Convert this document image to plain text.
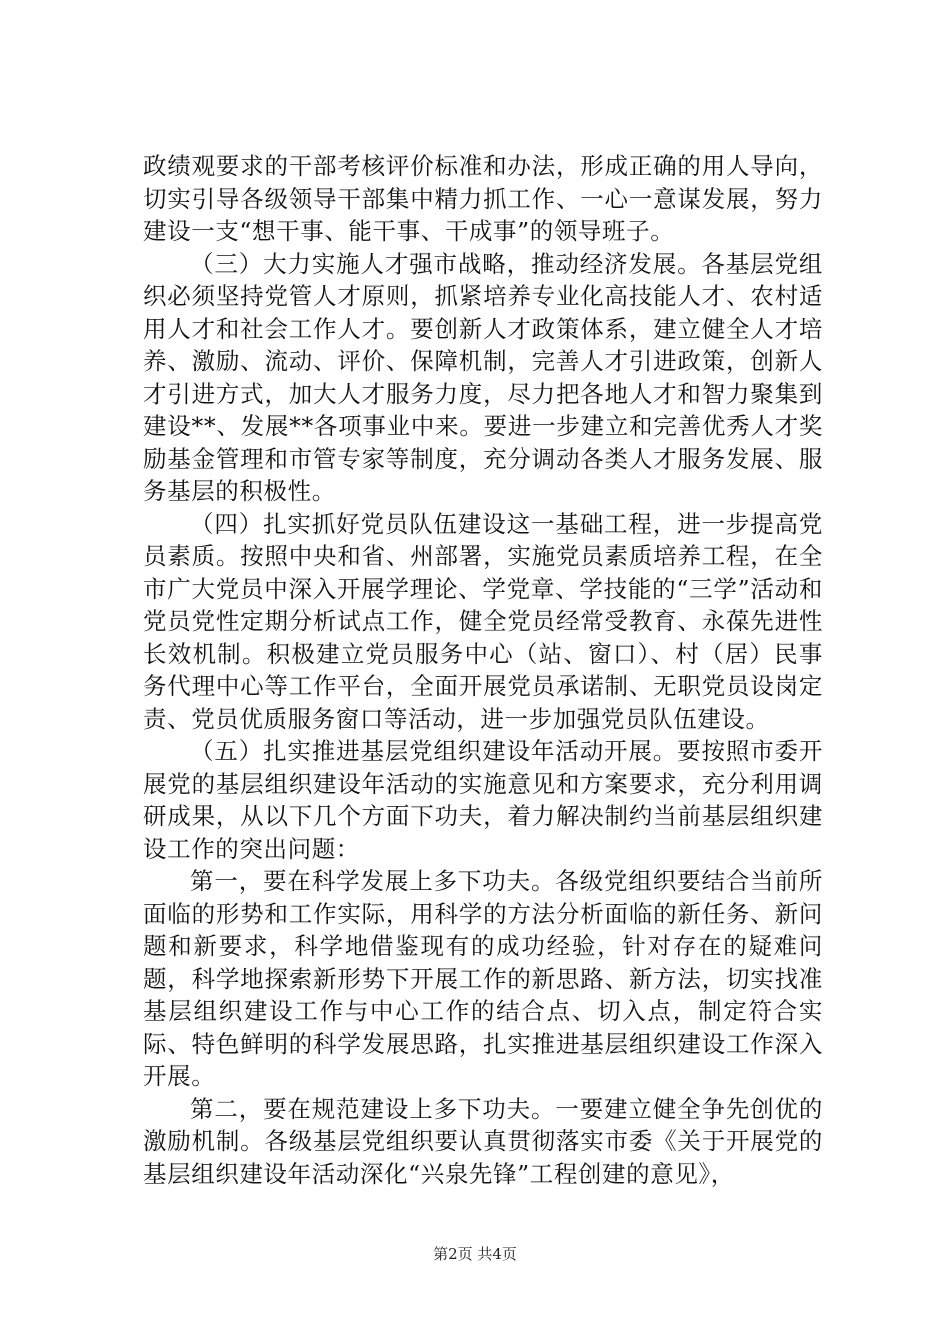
政绩观要求的干部考核评价标准和办法，形成正确的用人导向，切实引导各级领导干部集中精力抓工作、一心一意谋发展，努力建设一支“想干事、能干事、干成事”的领导班子。

（三）大力实施人才强市战略，推动经济发展。各基层党组织必须坚持党管人才原则，抓紧培养专业化高技能人才、农村适用人才和社会工作人才。要创新人才政策体系，建立健全人才培养、激励、流动、评价、保障机制，完善人才引进政策，创新人才引进方式，加大人才服务力度，尽力把各地人才和智力聚集到建设**、发展**各项事业中来。要进一步建立和完善优秀人才奖励基金管理和市管专家等制度，充分调动各类人才服务发展、服务基层的积极性。

（四）扎实抓好党员队伍建设这一基础工程，进一步提高党员素质。按照中央和省、州部署，实施党员素质培养工程，在全市广大党员中深入开展学理论、学党章、学技能的“三学”活动和党员党性定期分析试点工作，健全党员经常受教育、永葆先进性长效机制。积极建立党员服务中心（站、窗口）、村（居）民事务代理中心等工作平台，全面开展党员承诺制、无职党员设岗定责、党员优质服务窗口等活动，进一步加强党员队伍建设。

（五）扎实推进基层党组织建设年活动开展。要按照市委开展党的基层组织建设年活动的实施意见和方案要求，充分利用调研成果，从以下几个方面下功夫，着力解决制约当前基层组织建设工作的突出问题：

第一，要在科学发展上多下功夫。各级党组织要结合当前所面临的形势和工作实际，用科学的方法分析面临的新任务、新问题和新要求，科学地借鉴现有的成功经验，针对存在的疑难问题，科学地探索新形势下开展工作的新思路、新方法，切实找准基层组织建设工作与中心工作的结合点、切入点，制定符合实际、特色鲜明的科学发展思路，扎实推进基层组织建设工作深入开展。

第二，要在规范建设上多下功夫。一要建立健全争先创优的激励机制。各级基层党组织要认真贯彻落实市委《关于开展党的基层组织建设年活动深化“兴泉先锋”工程创建的意见》，

第2页 共4页
